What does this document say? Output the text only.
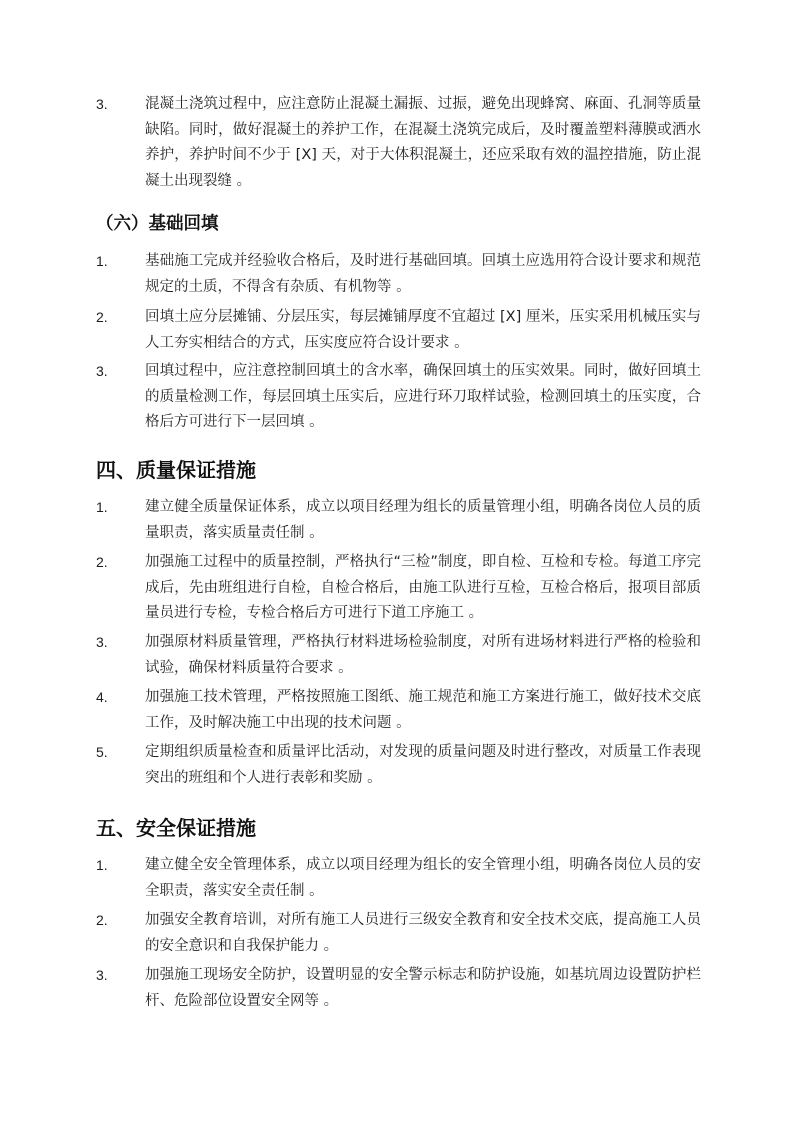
3.	混凝土浇筑过程中，应注意防止混凝土漏振、过振，避免出现蜂窝、麻面、孔洞等质量缺陷。同时，做好混凝土的养护工作，在混凝土浇筑完成后，及时覆盖塑料薄膜或洒水养护，养护时间不少于 [X] 天，对于大体积混凝土，还应采取有效的温控措施，防止混凝土出现裂缝 。
（六）基础回填
1.	基础施工完成并经验收合格后，及时进行基础回填。回填土应选用符合设计要求和规范规定的土质，不得含有杂质、有机物等 。
2.	回填土应分层摊铺、分层压实，每层摊铺厚度不宜超过 [X] 厘米，压实采用机械压实与人工夯实相结合的方式，压实度应符合设计要求 。
3.	回填过程中，应注意控制回填土的含水率，确保回填土的压实效果。同时，做好回填土的质量检测工作，每层回填土压实后，应进行环刀取样试验，检测回填土的压实度，合格后方可进行下一层回填 。
四、质量保证措施
1.	建立健全质量保证体系，成立以项目经理为组长的质量管理小组，明确各岗位人员的质量职责，落实质量责任制 。
2.	加强施工过程中的质量控制，严格执行“三检”制度，即自检、互检和专检。每道工序完成后，先由班组进行自检，自检合格后，由施工队进行互检，互检合格后，报项目部质量员进行专检，专检合格后方可进行下道工序施工 。
3.	加强原材料质量管理，严格执行材料进场检验制度，对所有进场材料进行严格的检验和试验，确保材料质量符合要求 。
4.	加强施工技术管理，严格按照施工图纸、施工规范和施工方案进行施工，做好技术交底工作，及时解决施工中出现的技术问题 。
5.	定期组织质量检查和质量评比活动，对发现的质量问题及时进行整改，对质量工作表现突出的班组和个人进行表彰和奖励 。
五、安全保证措施
1.	建立健全安全管理体系，成立以项目经理为组长的安全管理小组，明确各岗位人员的安全职责，落实安全责任制 。
2.	加强安全教育培训，对所有施工人员进行三级安全教育和安全技术交底，提高施工人员的安全意识和自我保护能力 。
3.	加强施工现场安全防护，设置明显的安全警示标志和防护设施，如基坑周边设置防护栏杆、危险部位设置安全网等 。
